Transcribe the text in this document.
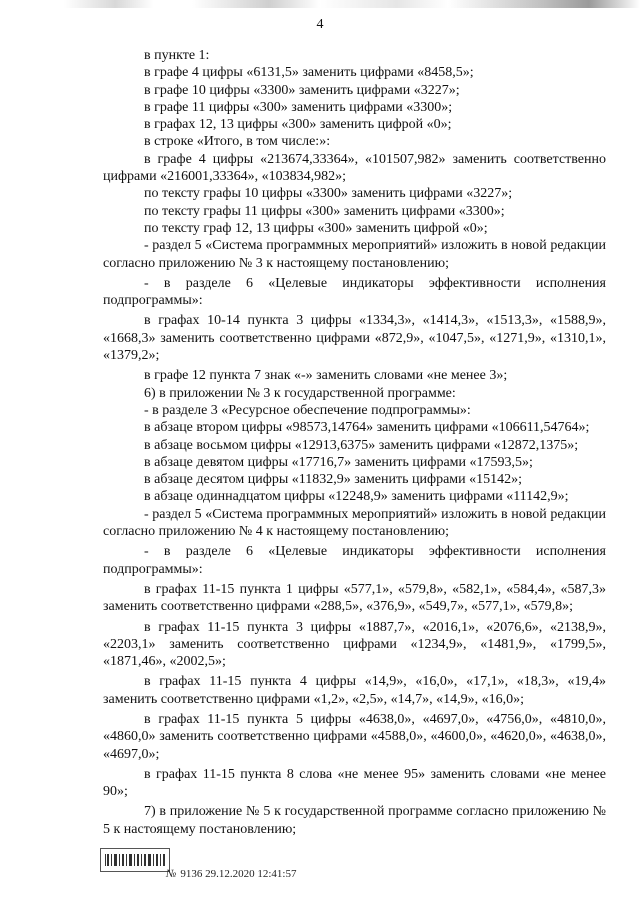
4

в пункте 1:

в графе 4 цифры «6131,5» заменить цифрами «8458,5»;

в графе 10 цифры «3300» заменить цифрами «3227»;

в графе 11 цифры «300» заменить цифрами «3300»;

в графах 12, 13 цифры «300» заменить цифрой «0»;

в строке «Итого, в том числе:»:

в графе 4 цифры «213674,33364», «101507,982» заменить соответственно цифрами «216001,33364», «103834,982»;

по тексту графы 10 цифры «3300» заменить цифрами «3227»;

по тексту графы 11 цифры «300» заменить цифрами «3300»;

по тексту граф 12, 13 цифры «300» заменить цифрой «0»;

- раздел 5 «Система программных мероприятий» изложить в новой редакции согласно приложению № 3 к настоящему постановлению;

- в разделе 6 «Целевые индикаторы эффективности исполнения подпрограммы»:

в графах 10-14 пункта 3 цифры «1334,3», «1414,3», «1513,3», «1588,9», «1668,3» заменить соответственно цифрами «872,9», «1047,5», «1271,9», «1310,1», «1379,2»;

в графе 12 пункта 7 знак «-» заменить словами «не менее 3»;

6) в приложении № 3 к государственной программе:

- в разделе 3 «Ресурсное обеспечение подпрограммы»:

в абзаце втором цифры «98573,14764» заменить цифрами «106611,54764»;

в абзаце восьмом цифры «12913,6375» заменить цифрами «12872,1375»;

в абзаце девятом цифры «17716,7» заменить цифрами «17593,5»;

в абзаце десятом цифры «11832,9» заменить цифрами «15142»;

в абзаце одиннадцатом цифры «12248,9» заменить цифрами «11142,9»;

- раздел 5 «Система программных мероприятий» изложить в новой редакции согласно приложению № 4 к настоящему постановлению;

- в разделе 6 «Целевые индикаторы эффективности исполнения подпрограммы»:

в графах 11-15 пункта 1 цифры «577,1», «579,8», «582,1», «584,4», «587,3» заменить соответственно цифрами «288,5», «376,9», «549,7», «577,1», «579,8»;

в графах 11-15 пункта 3 цифры «1887,7», «2016,1», «2076,6», «2138,9», «2203,1» заменить соответственно цифрами «1234,9», «1481,9», «1799,5», «1871,46», «2002,5»;

в графах 11-15 пункта 4 цифры «14,9», «16,0», «17,1», «18,3», «19,4» заменить соответственно цифрами «1,2», «2,5», «14,7», «14,9», «16,0»;

в графах 11-15 пункта 5 цифры «4638,0», «4697,0», «4756,0», «4810,0», «4860,0» заменить соответственно цифрами «4588,0», «4600,0», «4620,0», «4638,0», «4697,0»;

в графах 11-15 пункта 8 слова «не менее 95» заменить словами «не менее 90»;

7) в приложение № 5 к государственной программе согласно приложению № 5 к настоящему постановлению;

№ 9136 29.12.2020 12:41:57
